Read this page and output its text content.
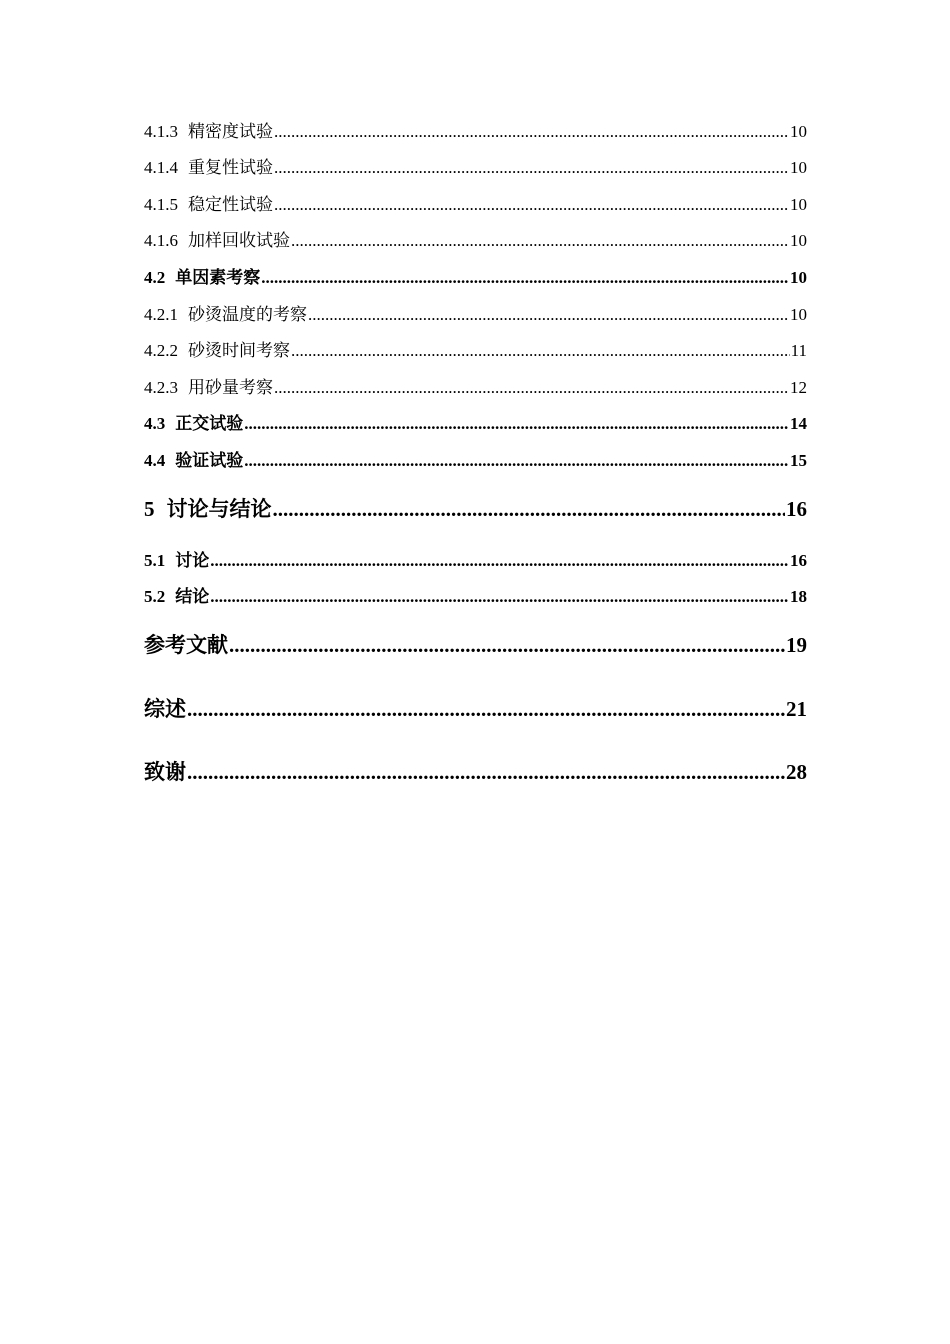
4.1.3 精密度试验 .....	10
4.1.4 重复性试验 .....	10
4.1.5 稳定性试验 .....	10
4.1.6 加样回收试验 .....	10
4.2 单因素考察 .....	10
4.2.1 砂烫温度的考察 .....	10
4.2.2 砂烫时间考察 .....	11
4.2.3 用砂量考察 .....	12
4.3 正交试验 .....	14
4.4 验证试验 .....	15
5 讨论与结论 .....	16
5.1 讨论 .....	16
5.2 结论 .....	18
参考文献 .....	19
综述 .....	21
致谢 .....	28
